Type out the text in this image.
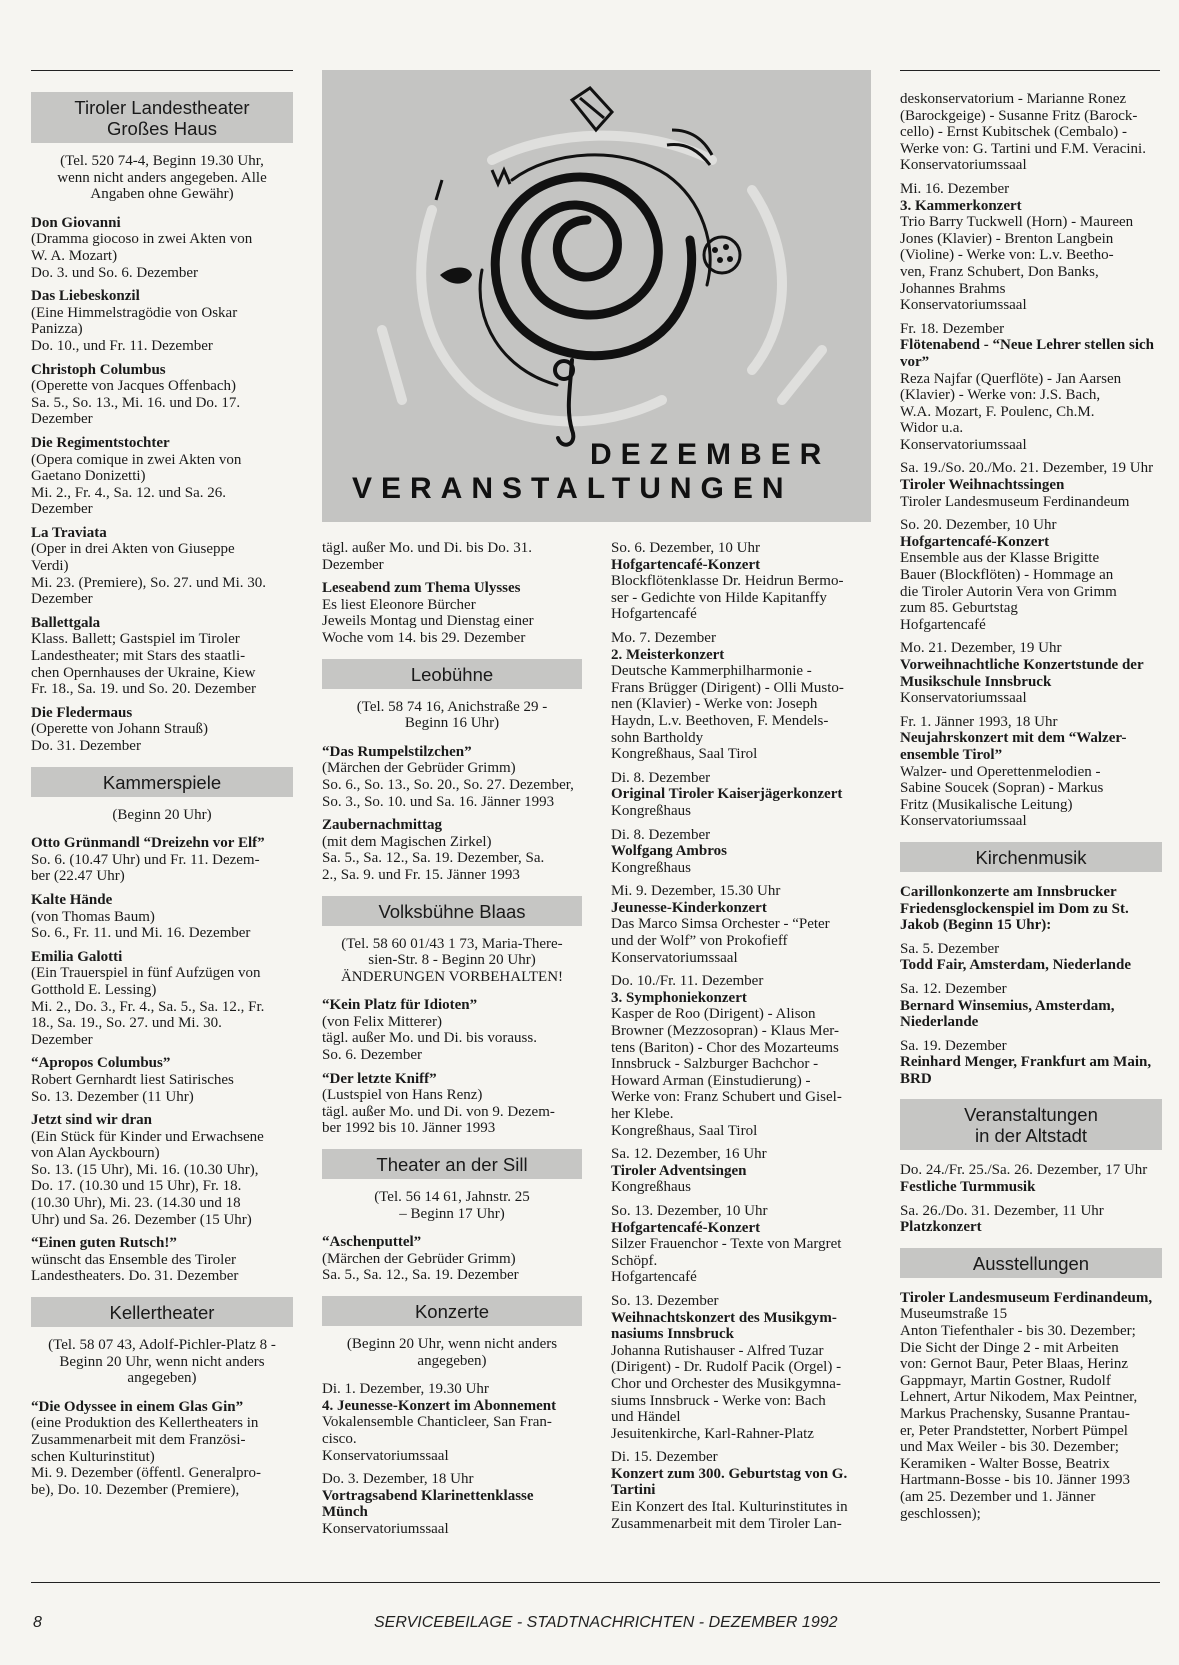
DEZEMBER
VERANSTALTUNGEN
Tiroler Landestheater
Großes Haus
(Tel. 520 74-4, Beginn 19.30 Uhr,
wenn nicht anders angegeben. Alle
Angaben ohne Gewähr)
Don Giovanni
(Dramma giocoso in zwei Akten von
W. A. Mozart)
Do. 3. und So. 6. Dezember
Das Liebeskonzil
(Eine Himmelstragödie von Oskar
Panizza)
Do. 10., und Fr. 11. Dezember
Christoph Columbus
(Operette von Jacques Offenbach)
Sa. 5., So. 13., Mi. 16. und Do. 17.
Dezember
Die Regimentstochter
(Opera comique in zwei Akten von
Gaetano Donizetti)
Mi. 2., Fr. 4., Sa. 12. und Sa. 26.
Dezember
La Traviata
(Oper in drei Akten von Giuseppe
Verdi)
Mi. 23. (Premiere), So. 27. und Mi. 30.
Dezember
Ballettgala
Klass. Ballett; Gastspiel im Tiroler
Landestheater; mit Stars des staatli-
chen Opernhauses der Ukraine, Kiew
Fr. 18., Sa. 19. und So. 20. Dezember
Die Fledermaus
(Operette von Johann Strauß)
Do. 31. Dezember
Kammerspiele
(Beginn 20 Uhr)
Otto Grünmandl “Dreizehn vor Elf”
So. 6. (10.47 Uhr) und Fr. 11. Dezem-
ber (22.47 Uhr)
Kalte Hände
(von Thomas Baum)
So. 6., Fr. 11. und Mi. 16. Dezember
Emilia Galotti
(Ein Trauerspiel in fünf Aufzügen von
Gotthold E. Lessing)
Mi. 2., Do. 3., Fr. 4., Sa. 5., Sa. 12., Fr.
18., Sa. 19., So. 27. und Mi. 30.
Dezember
“Apropos Columbus”
Robert Gernhardt liest Satirisches
So. 13. Dezember (11 Uhr)
Jetzt sind wir dran
(Ein Stück für Kinder und Erwachsene
von Alan Ayckbourn)
So. 13. (15 Uhr), Mi. 16. (10.30 Uhr),
Do. 17. (10.30 und 15 Uhr), Fr. 18.
(10.30 Uhr), Mi. 23. (14.30 und 18
Uhr) und Sa. 26. Dezember (15 Uhr)
“Einen guten Rutsch!”
wünscht das Ensemble des Tiroler
Landestheaters. Do. 31. Dezember
Kellertheater
(Tel. 58 07 43, Adolf-Pichler-Platz 8 -
Beginn 20 Uhr, wenn nicht anders
angegeben)
“Die Odyssee in einem Glas Gin”
(eine Produktion des Kellertheaters in
Zusammenarbeit mit dem Französi-
schen Kulturinstitut)
Mi. 9. Dezember (öffentl. Generalpro-
be), Do. 10. Dezember (Premiere),
tägl. außer Mo. und Di. bis Do. 31.
Dezember
Leseabend zum Thema Ulysses
Es liest Eleonore Bürcher
Jeweils Montag und Dienstag einer
Woche vom 14. bis 29. Dezember
Leobühne
(Tel. 58 74 16, Anichstraße 29 -
Beginn 16 Uhr)
“Das Rumpelstilzchen”
(Märchen der Gebrüder Grimm)
So. 6., So. 13., So. 20., So. 27. Dezember,
So. 3., So. 10. und Sa. 16. Jänner 1993
Zaubernachmittag
(mit dem Magischen Zirkel)
Sa. 5., Sa. 12., Sa. 19. Dezember, Sa.
2., Sa. 9. und Fr. 15. Jänner 1993
Volksbühne Blaas
(Tel. 58 60 01/43 1 73, Maria-There-
sien-Str. 8 - Beginn 20 Uhr)
ÄNDERUNGEN VORBEHALTEN!
“Kein Platz für Idioten”
(von Felix Mitterer)
tägl. außer Mo. und Di. bis vorauss.
So. 6. Dezember
“Der letzte Kniff”
(Lustspiel von Hans Renz)
tägl. außer Mo. und Di. von 9. Dezem-
ber 1992 bis 10. Jänner 1993
Theater an der Sill
(Tel. 56 14 61, Jahnstr. 25
– Beginn 17 Uhr)
“Aschenputtel”
(Märchen der Gebrüder Grimm)
Sa. 5., Sa. 12., Sa. 19. Dezember
Konzerte
(Beginn 20 Uhr, wenn nicht anders
angegeben)
Di. 1. Dezember, 19.30 Uhr
4. Jeunesse-Konzert im Abonnement
Vokalensemble Chanticleer, San Fran-
cisco.
Konservatoriumssaal
Do. 3. Dezember, 18 Uhr
Vortragsabend Klarinettenklasse Münch
Konservatoriumssaal
So. 6. Dezember, 10 Uhr
Hofgartencafé-Konzert
Blockflötenklasse Dr. Heidrun Bermo-
ser - Gedichte von Hilde Kapitanffy
Hofgartencafé
Mo. 7. Dezember
2. Meisterkonzert
Deutsche Kammerphilharmonie -
Frans Brügger (Dirigent) - Olli Musto-
nen (Klavier) - Werke von: Joseph
Haydn, L.v. Beethoven, F. Mendels-
sohn Bartholdy
Kongreßhaus, Saal Tirol
Di. 8. Dezember
Original Tiroler Kaiserjägerkonzert
Kongreßhaus
Di. 8. Dezember
Wolfgang Ambros
Kongreßhaus
Mi. 9. Dezember, 15.30 Uhr
Jeunesse-Kinderkonzert
Das Marco Simsa Orchester - “Peter
und der Wolf” von Prokofieff
Konservatoriumssaal
Do. 10./Fr. 11. Dezember
3. Symphoniekonzert
Kasper de Roo (Dirigent) - Alison
Browner (Mezzosopran) - Klaus Mer-
tens (Bariton) - Chor des Mozarteums
Innsbruck - Salzburger Bachchor -
Howard Arman (Einstudierung) -
Werke von: Franz Schubert und Gisel-
her Klebe.
Kongreßhaus, Saal Tirol
Sa. 12. Dezember, 16 Uhr
Tiroler Adventsingen
Kongreßhaus
So. 13. Dezember, 10 Uhr
Hofgartencafé-Konzert
Silzer Frauenchor - Texte von Margret
Schöpf.
Hofgartencafé
So. 13. Dezember
Weihnachtskonzert des Musikgym-nasiums Innsbruck
Johanna Rutishauser - Alfred Tuzar
(Dirigent) - Dr. Rudolf Pacik (Orgel) -
Chor und Orchester des Musikgymna-
siums Innsbruck - Werke von: Bach
und Händel
Jesuitenkirche, Karl-Rahner-Platz
Di. 15. Dezember
Konzert zum 300. Geburtstag von G. Tartini
Ein Konzert des Ital. Kulturinstitutes in
Zusammenarbeit mit dem Tiroler Lan-
deskonservatorium - Marianne Ronez
(Barockgeige) - Susanne Fritz (Barock-
cello) - Ernst Kubitschek (Cembalo) -
Werke von: G. Tartini und F.M. Veracini.
Konservatoriumssaal
Mi. 16. Dezember
3. Kammerkonzert
Trio Barry Tuckwell (Horn) - Maureen
Jones (Klavier) - Brenton Langbein
(Violine) - Werke von: L.v. Beetho-
ven, Franz Schubert, Don Banks,
Johannes Brahms
Konservatoriumssaal
Fr. 18. Dezember
Flötenabend - “Neue Lehrer stellen sich vor”
Reza Najfar (Querflöte) - Jan Aarsen
(Klavier) - Werke von: J.S. Bach,
W.A. Mozart, F. Poulenc, Ch.M.
Widor u.a.
Konservatoriumssaal
Sa. 19./So. 20./Mo. 21. Dezember, 19 Uhr
Tiroler Weihnachtssingen
Tiroler Landesmuseum Ferdinandeum
So. 20. Dezember, 10 Uhr
Hofgartencafé-Konzert
Ensemble aus der Klasse Brigitte
Bauer (Blockflöten) - Hommage an
die Tiroler Autorin Vera von Grimm
zum 85. Geburtstag
Hofgartencafé
Mo. 21. Dezember, 19 Uhr
Vorweihnachtliche Konzertstunde der Musikschule Innsbruck
Konservatoriumssaal
Fr. 1. Jänner 1993, 18 Uhr
Neujahrskonzert mit dem “Walzer-ensemble Tirol”
Walzer- und Operettenmelodien -
Sabine Soucek (Sopran) - Markus
Fritz (Musikalische Leitung)
Konservatoriumssaal
Kirchenmusik
Carillonkonzerte am Innsbrucker Friedensglockenspiel im Dom zu St. Jakob (Beginn 15 Uhr):
Sa. 5. Dezember
Todd Fair, Amsterdam, Niederlande
Sa. 12. Dezember
Bernard Winsemius, Amsterdam, Niederlande
Sa. 19. Dezember
Reinhard Menger, Frankfurt am Main, BRD
Veranstaltungen
in der Altstadt
Do. 24./Fr. 25./Sa. 26. Dezember, 17 Uhr
Festliche Turmmusik
Sa. 26./Do. 31. Dezember, 11 Uhr
Platzkonzert
Ausstellungen
Tiroler Landesmuseum Ferdinandeum,
Museumstraße 15
Anton Tiefenthaler - bis 30. Dezember;
Die Sicht der Dinge 2 - mit Arbeiten
von: Gernot Baur, Peter Blaas, Herinz
Gappmayr, Martin Gostner, Rudolf
Lehnert, Artur Nikodem, Max Peintner,
Markus Prachensky, Susanne Prantau-
er, Peter Prandstetter, Norbert Pümpel
und Max Weiler - bis 30. Dezember;
Keramiken - Walter Bosse, Beatrix
Hartmann-Bosse - bis 10. Jänner 1993
(am 25. Dezember und 1. Jänner
geschlossen);
8	SERVICEBEILAGE - STADTNACHRICHTEN - DEZEMBER 1992
